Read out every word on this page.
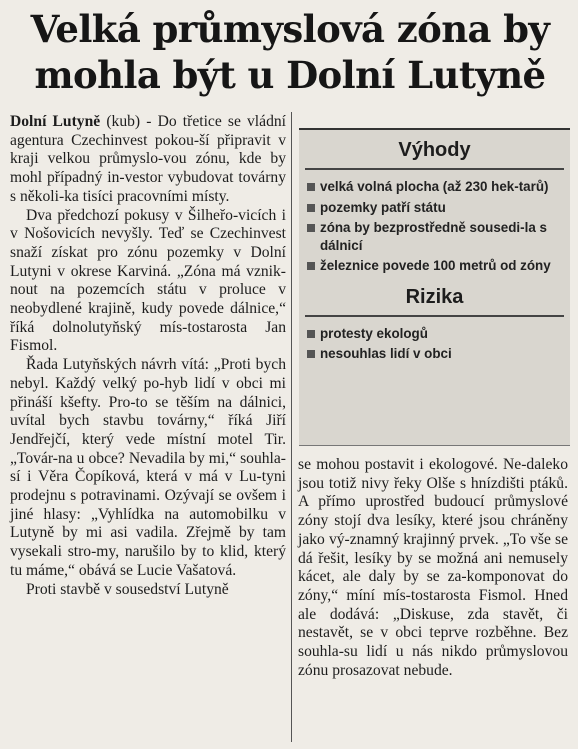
Velká průmyslová zóna by
mohla být u Dolní Lutyně

Dolní Lutyně (kub) - Do třetice se vládní agentura Czechinvest pokou-ší připravit v kraji velkou průmyslo-vou zónu, kde by mohl případný in-vestor vybudovat továrny s několi-ka tisíci pracovními místy.

Dva předchozí pokusy v Šilheřo-vicích i v Nošovicích nevyšly. Teď se Czechinvest snaží získat pro zónu pozemky v Dolní Lutyni v okrese Karviná. „Zóna má vznik-nout na pozemcích státu v proluce v neobydlené krajině, kudy povede dálnice,“ říká dolnolutyňský mís-tostarosta Jan Fismol.

Řada Lutyňských návrh vítá: „Proti bych nebyl. Každý velký po-hyb lidí v obci mi přináší kšefty. Pro-to se těším na dálnici, uvítal bych stavbu továrny,“ říká Jiří Jendřejčí, který vede místní motel Tir. „Továr-na u obce? Nevadila by mi,“ souhla-sí i Věra Čopíková, která v má v Lu-tyni prodejnu s potravinami. Ozývají se ovšem i jiné hlasy: „Vyhlídka na automobilku v Lutyně by mi asi vadila. Zřejmě by tam vysekali stro-my, narušilo by to klid, který tu máme,“ obává se Lucie Vašatová.

Proti stavbě v sousedství Lutyně

Výhody
velká volná plocha (až 230 hek-tarů)
pozemky patří státu
zóna by bezprostředně sousedi-la s dálnicí
železnice povede 100 metrů od zóny
Rizika
protesty ekologů
nesouhlas lidí v obci

se mohou postavit i ekologové. Ne-daleko jsou totiž nivy řeky Olše s hnízdišti ptáků. A přímo uprostřed budoucí průmyslové zóny stojí dva lesíky, které jsou chráněny jako vý-znamný krajinný prvek. „To vše se dá řešit, lesíky by se možná ani nemusely kácet, ale daly by se za-komponovat do zóny,“ míní mís-tostarosta Fismol. Hned ale dodává: „Diskuse, zda stavět, či nestavět, se v obci teprve rozběhne. Bez souhla-su lidí u nás nikdo průmyslovou zónu prosazovat nebude.
